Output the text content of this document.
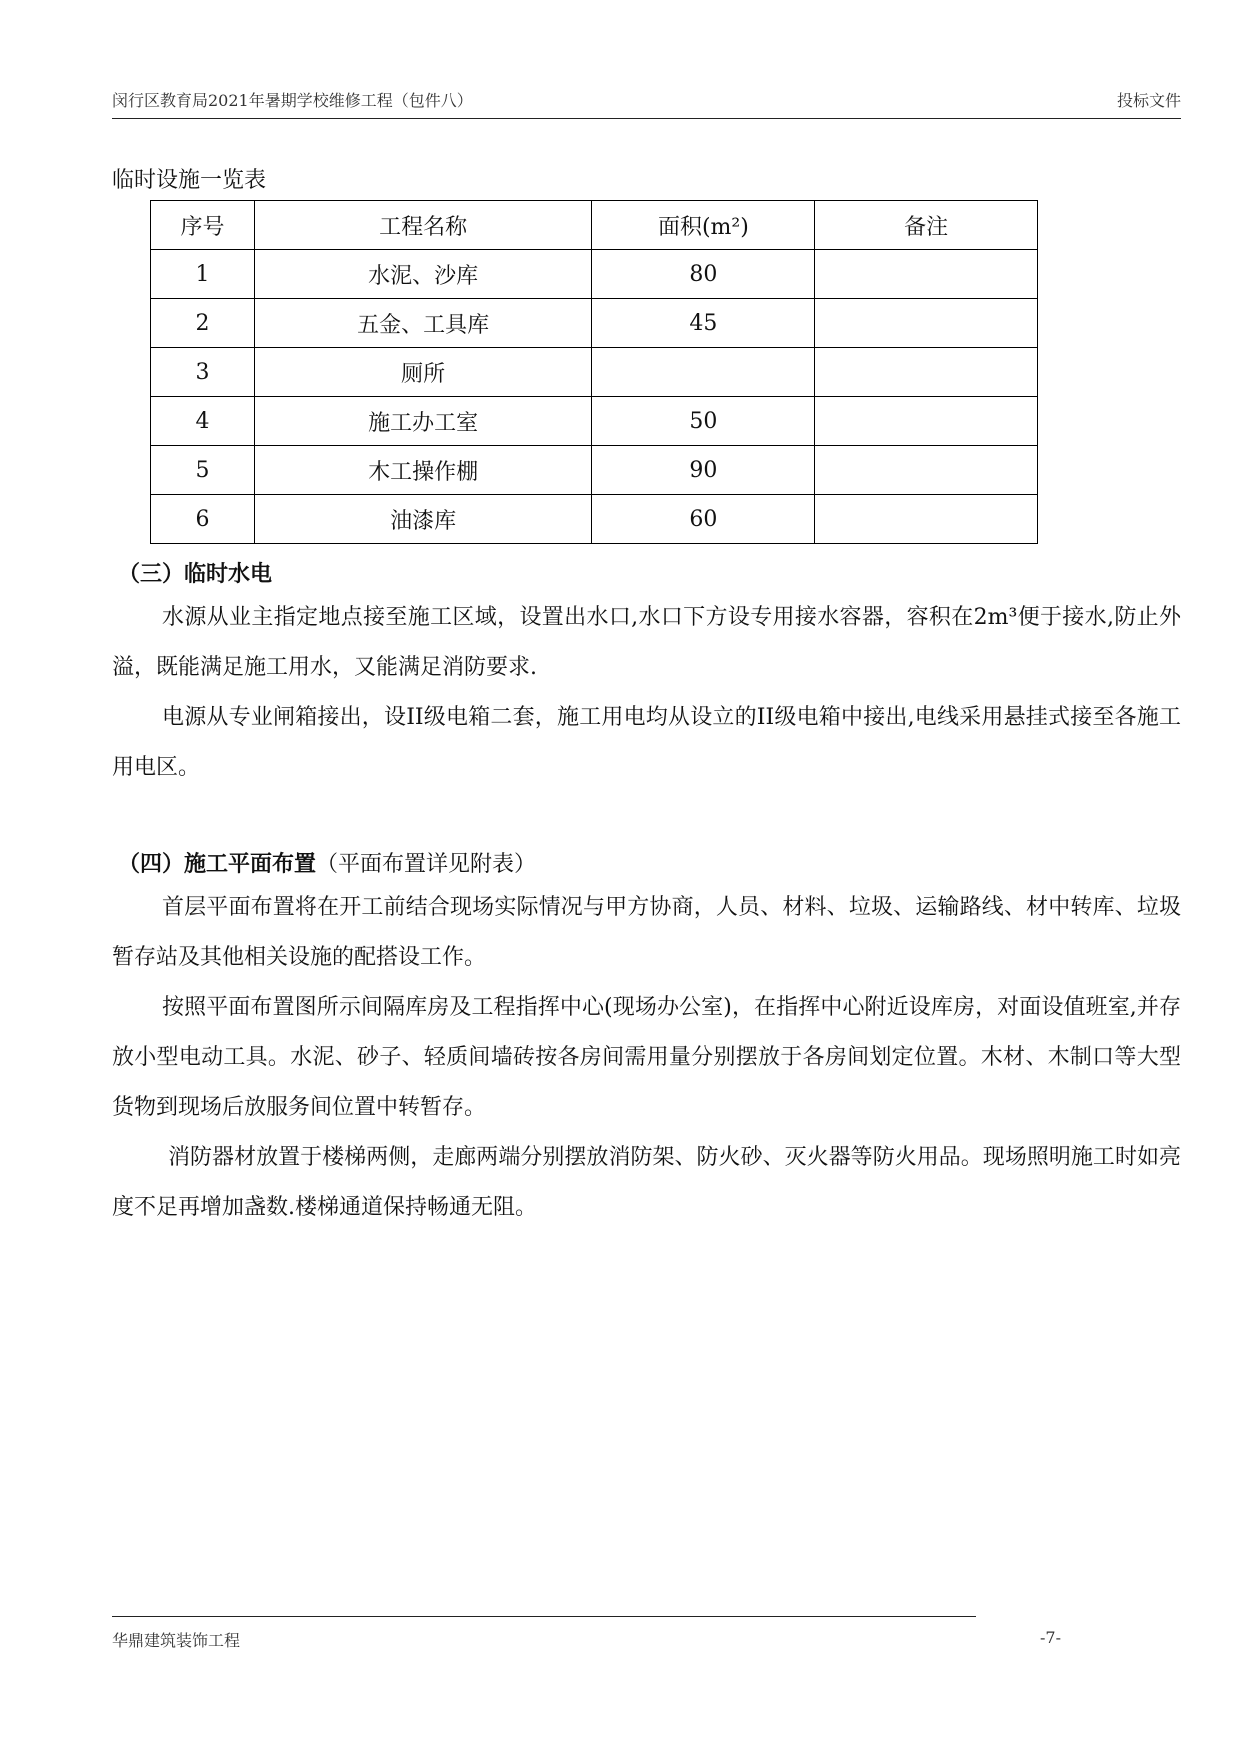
闵行区教育局2021年暑期学校维修工程（包件八）	投标文件
临时设施一览表
序号	工程名称	面积(m²)	备注
1	水泥、沙库	80	
2	五金、工具库	45	
3	厕所		
4	施工办工室	50	
5	木工操作棚	90	
6	油漆库	60	
（三）临时水电

水源从业主指定地点接至施工区域，设置出水口,水口下方设专用接水容器，容积在2m³便于接水,防止外溢，既能满足施工用水，又能满足消防要求.

电源从专业闸箱接出，设II级电箱二套，施工用电均从设立的II级电箱中接出,电线采用悬挂式接至各施工用电区。

（四）施工平面布置（平面布置详见附表）

首层平面布置将在开工前结合现场实际情况与甲方协商，人员、材料、垃圾、运输路线、材中转库、垃圾暂存站及其他相关设施的配搭设工作。

按照平面布置图所示间隔库房及工程指挥中心(现场办公室)，在指挥中心附近设库房，对面设值班室,并存放小型电动工具。水泥、砂子、轻质间墙砖按各房间需用量分别摆放于各房间划定位置。木材、木制口等大型货物到现场后放服务间位置中转暂存。

消防器材放置于楼梯两侧，走廊两端分别摆放消防架、防火砂、灭火器等防火用品。现场照明施工时如亮度不足再增加盏数.楼梯通道保持畅通无阻。

华鼎建筑装饰工程	-7-
